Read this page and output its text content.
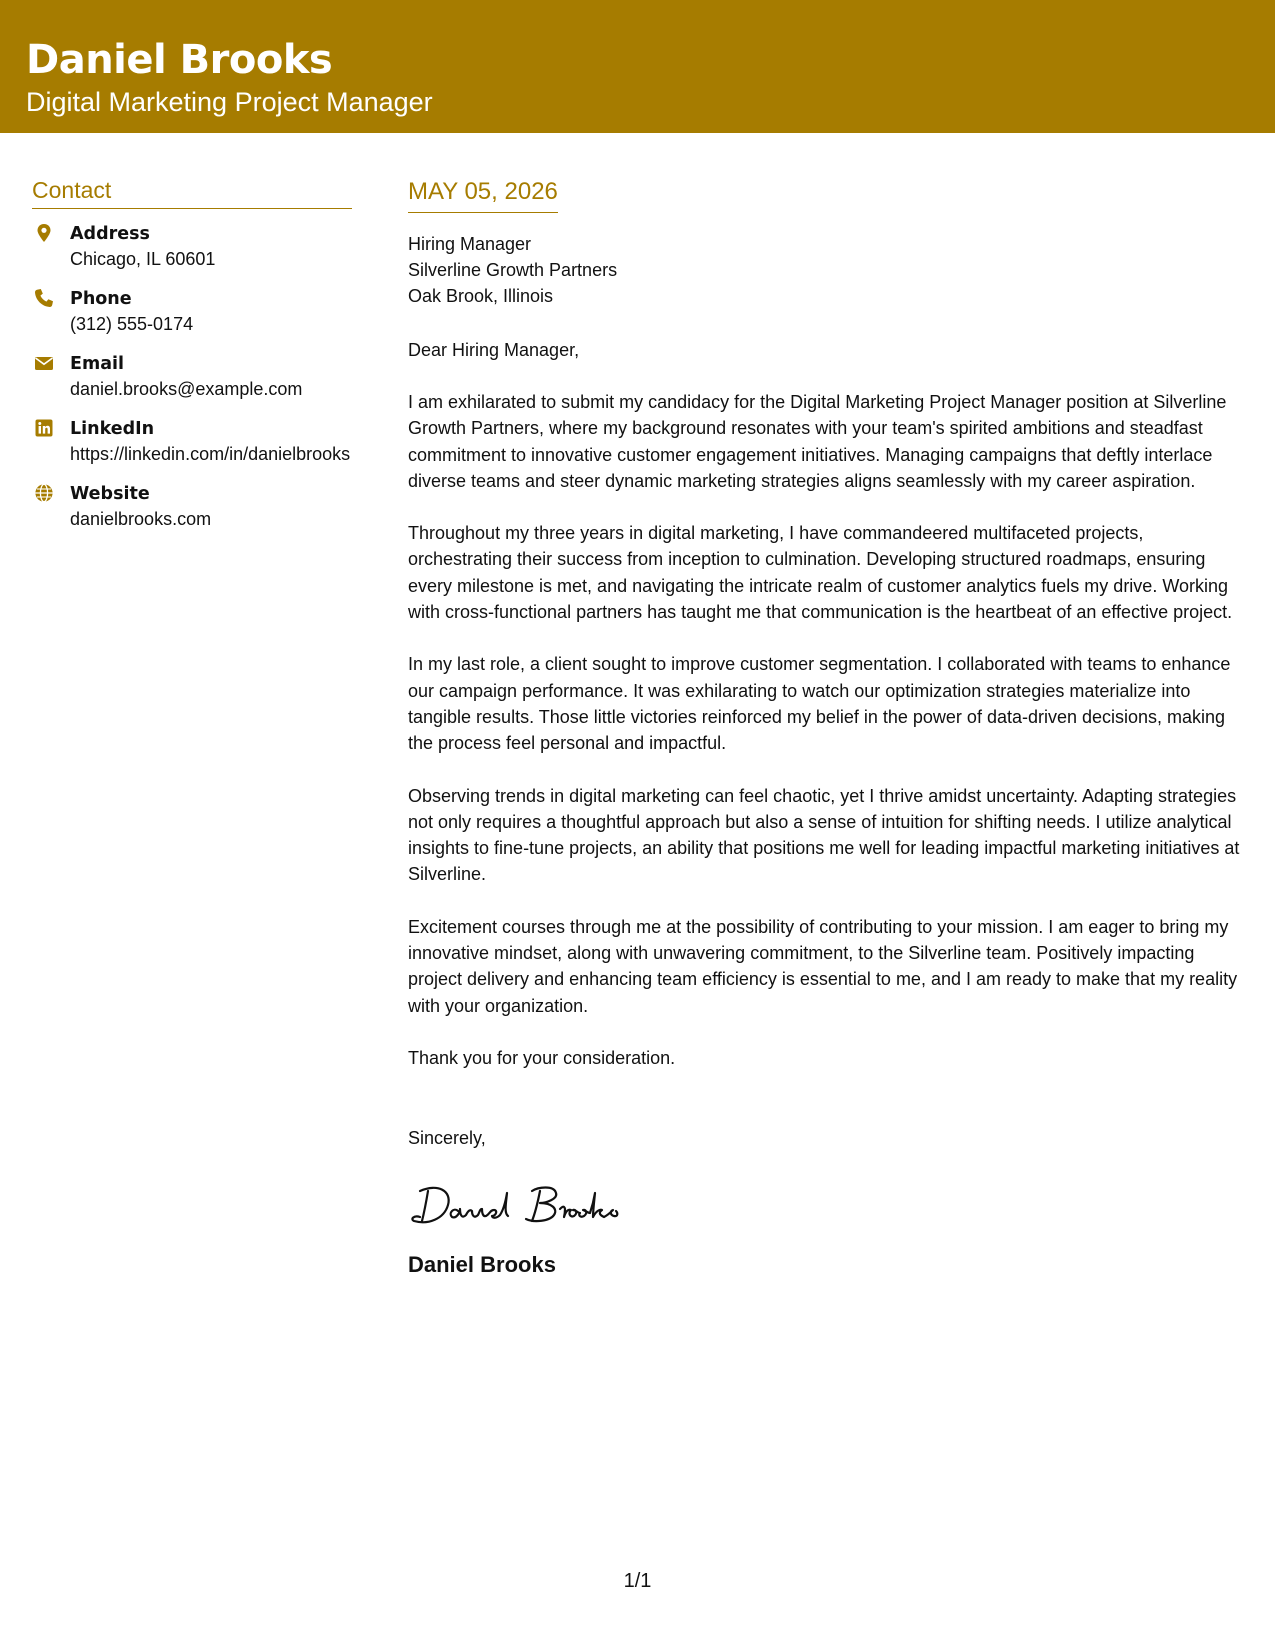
Daniel Brooks
Digital Marketing Project Manager
Contact
Address
Chicago, IL 60601
Phone
(312) 555-0174
Email
daniel.brooks@example.com
LinkedIn
https://linkedin.com/in/danielbrooks
Website
danielbrooks.com
MAY 05, 2026
Hiring Manager
Silverline Growth Partners
Oak Brook, Illinois
Dear Hiring Manager,
I am exhilarated to submit my candidacy for the Digital Marketing Project Manager position at Silverline Growth Partners, where my background resonates with your team's spirited ambitions and steadfast commitment to innovative customer engagement initiatives. Managing campaigns that deftly interlace diverse teams and steer dynamic marketing strategies aligns seamlessly with my career aspiration.
Throughout my three years in digital marketing, I have commandeered multifaceted projects, orchestrating their success from inception to culmination. Developing structured roadmaps, ensuring every milestone is met, and navigating the intricate realm of customer analytics fuels my drive. Working with cross-functional partners has taught me that communication is the heartbeat of an effective project.
In my last role, a client sought to improve customer segmentation. I collaborated with teams to enhance our campaign performance. It was exhilarating to watch our optimization strategies materialize into tangible results. Those little victories reinforced my belief in the power of data-driven decisions, making the process feel personal and impactful.
Observing trends in digital marketing can feel chaotic, yet I thrive amidst uncertainty. Adapting strategies not only requires a thoughtful approach but also a sense of intuition for shifting needs. I utilize analytical insights to fine-tune projects, an ability that positions me well for leading impactful marketing initiatives at Silverline.
Excitement courses through me at the possibility of contributing to your mission. I am eager to bring my innovative mindset, along with unwavering commitment, to the Silverline team. Positively impacting project delivery and enhancing team efficiency is essential to me, and I am ready to make that my reality with your organization.
Thank you for your consideration.
Sincerely,
Daniel Brooks
1/1
